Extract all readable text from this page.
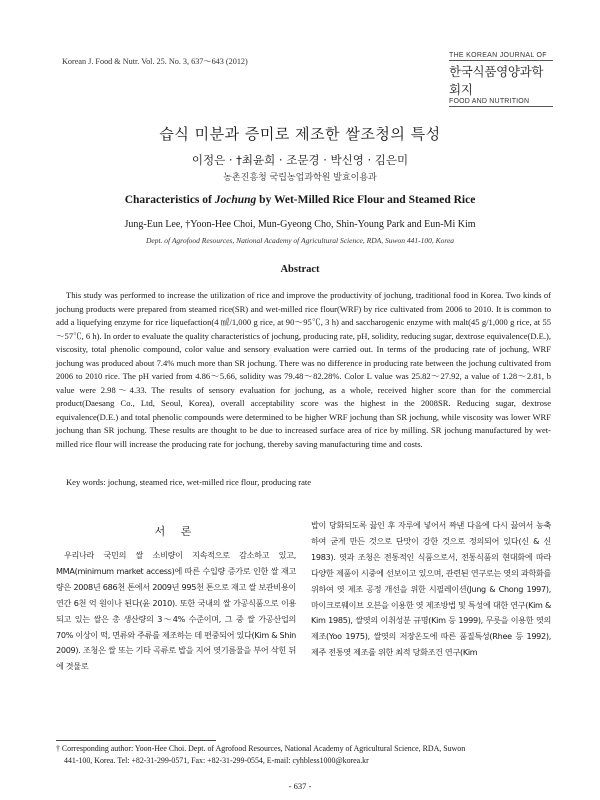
Korean J. Food & Nutr. Vol. 25. No. 3, 637～643 (2012)
THE KOREAN JOURNAL OF
한국식품영양과학회지
FOOD AND NUTRITION
습식 미분과 증미로 제조한 쌀조청의 특성
이정은 · †최윤희 · 조문경 · 박신영 · 김은미
농촌진흥청 국립농업과학원 발효이용과
Characteristics of Jochung by Wet-Milled Rice Flour and Steamed Rice
Jung-Eun Lee, †Yoon-Hee Choi, Mun-Gyeong Cho, Shin-Young Park and Eun-Mi Kim
Dept. of Agrofood Resources, National Academy of Agricultural Science, RDA, Suwon 441-100, Korea
Abstract
This study was performed to increase the utilization of rice and improve the productivity of jochung, traditional food in Korea. Two kinds of jochung products were prepared from steamed rice(SR) and wet-milled rice flour(WRF) by rice cultivated from 2006 to 2010. It is common to add a liquefying enzyme for rice liquefaction(4 ㎖/1,000 g rice, at 90～95℃, 3 h) and saccharogenic enzyme with malt(45 g/1,000 g rice, at 55～57℃, 6 h). In order to evaluate the quality characteristics of jochung, producing rate, pH, solidity, reducing sugar, dextrose equivalence(D.E.), viscosity, total phenolic compound, color value and sensory evaluation were carried out. In terms of the producing rate of jochung, WRF jochung was produced about 7.4% much more than SR jochung. There was no difference in producing rate between the jochung cultivated from 2006 to 2010 rice. The pH varied from 4.86～5.66, solidity was 79.48～82.28%. Color L value was 25.82～27.92, a value of 1.28～2.81, b value were 2.98～4.33. The results of sensory evaluation for jochung, as a whole, received higher score than for the commercial product(Daesang Co., Ltd, Seoul, Korea), overall acceptability score was the highest in the 2008SR. Reducing sugar, dextrose equivalence(D.E.) and total phenolic compounds were determined to be higher WRF jochung than SR jochung, while viscosity was lower WRF jochung than SR jochung. These results are thought to be due to increased surface area of rice by milling. SR jochung manufactured by wet-milled rice flour will increase the producing rate for jochung, thereby saving manufacturing time and costs.
Key words: jochung, steamed rice, wet-milled rice flour, producing rate
서 론
우리나라 국민의 쌀 소비량이 지속적으로 감소하고 있고, MMA(minimum market access)에 따른 수입량 증가로 인한 쌀 재고량은 2008년 686천 톤에서 2009년 995천 톤으로 재고 쌀 보관비용이 연간 6천 억 원이나 된다(윤 2010). 또한 국내의 쌀 가공식품으로 이용되고 있는 쌀은 총 생산량의 3～4% 수준이며, 그 중 쌀 가공산업의 70% 이상이 떡, 면류와 주류를 제조하는 데 편중되어 있다(Kim & Shin 2009). 조청은 쌀 또는 기타 곡류로 밥을 지어 엿기름물을 부어 삭힌 뒤에 겻물로
밥이 당화되도록 끓인 후 자루에 넣어서 짜낸 다음에 다시 끓여서 농축하여 굳게 만든 것으로 단맛이 강한 것으로 정의되어 있다(신 & 신 1983). 엿과 조청은 전통적인 식품으로서, 전통식품의 현대화에 따라 다양한 제품이 시중에 선보이고 있으며, 관련된 연구로는 엿의 과학화를 위하여 엿 제조 공정 개선을 위한 시필레이션(Jung & Chong 1997), 마이크로웨이브 오븐을 이용한 엿 제조방법 및 특성에 대한 연구(Kim & Kim 1985), 쌀엿의 이취성분 규명(Kim 등 1999), 무릇을 이용한 엿의 제조(Yoo 1975), 쌀엿의 저장온도에 따른 품질특성(Rhee 등 1992), 제주 전통엿 제조를 위한 최적 당화조건 연구(Kim
† Corresponding author: Yoon-Hee Choi. Dept. of Agrofood Resources, National Academy of Agricultural Science, RDA, Suwon
441-100, Korea. Tel: +82-31-299-0571, Fax: +82-31-299-0554, E-mail: cyhbless1000@korea.kr
- 637 -
